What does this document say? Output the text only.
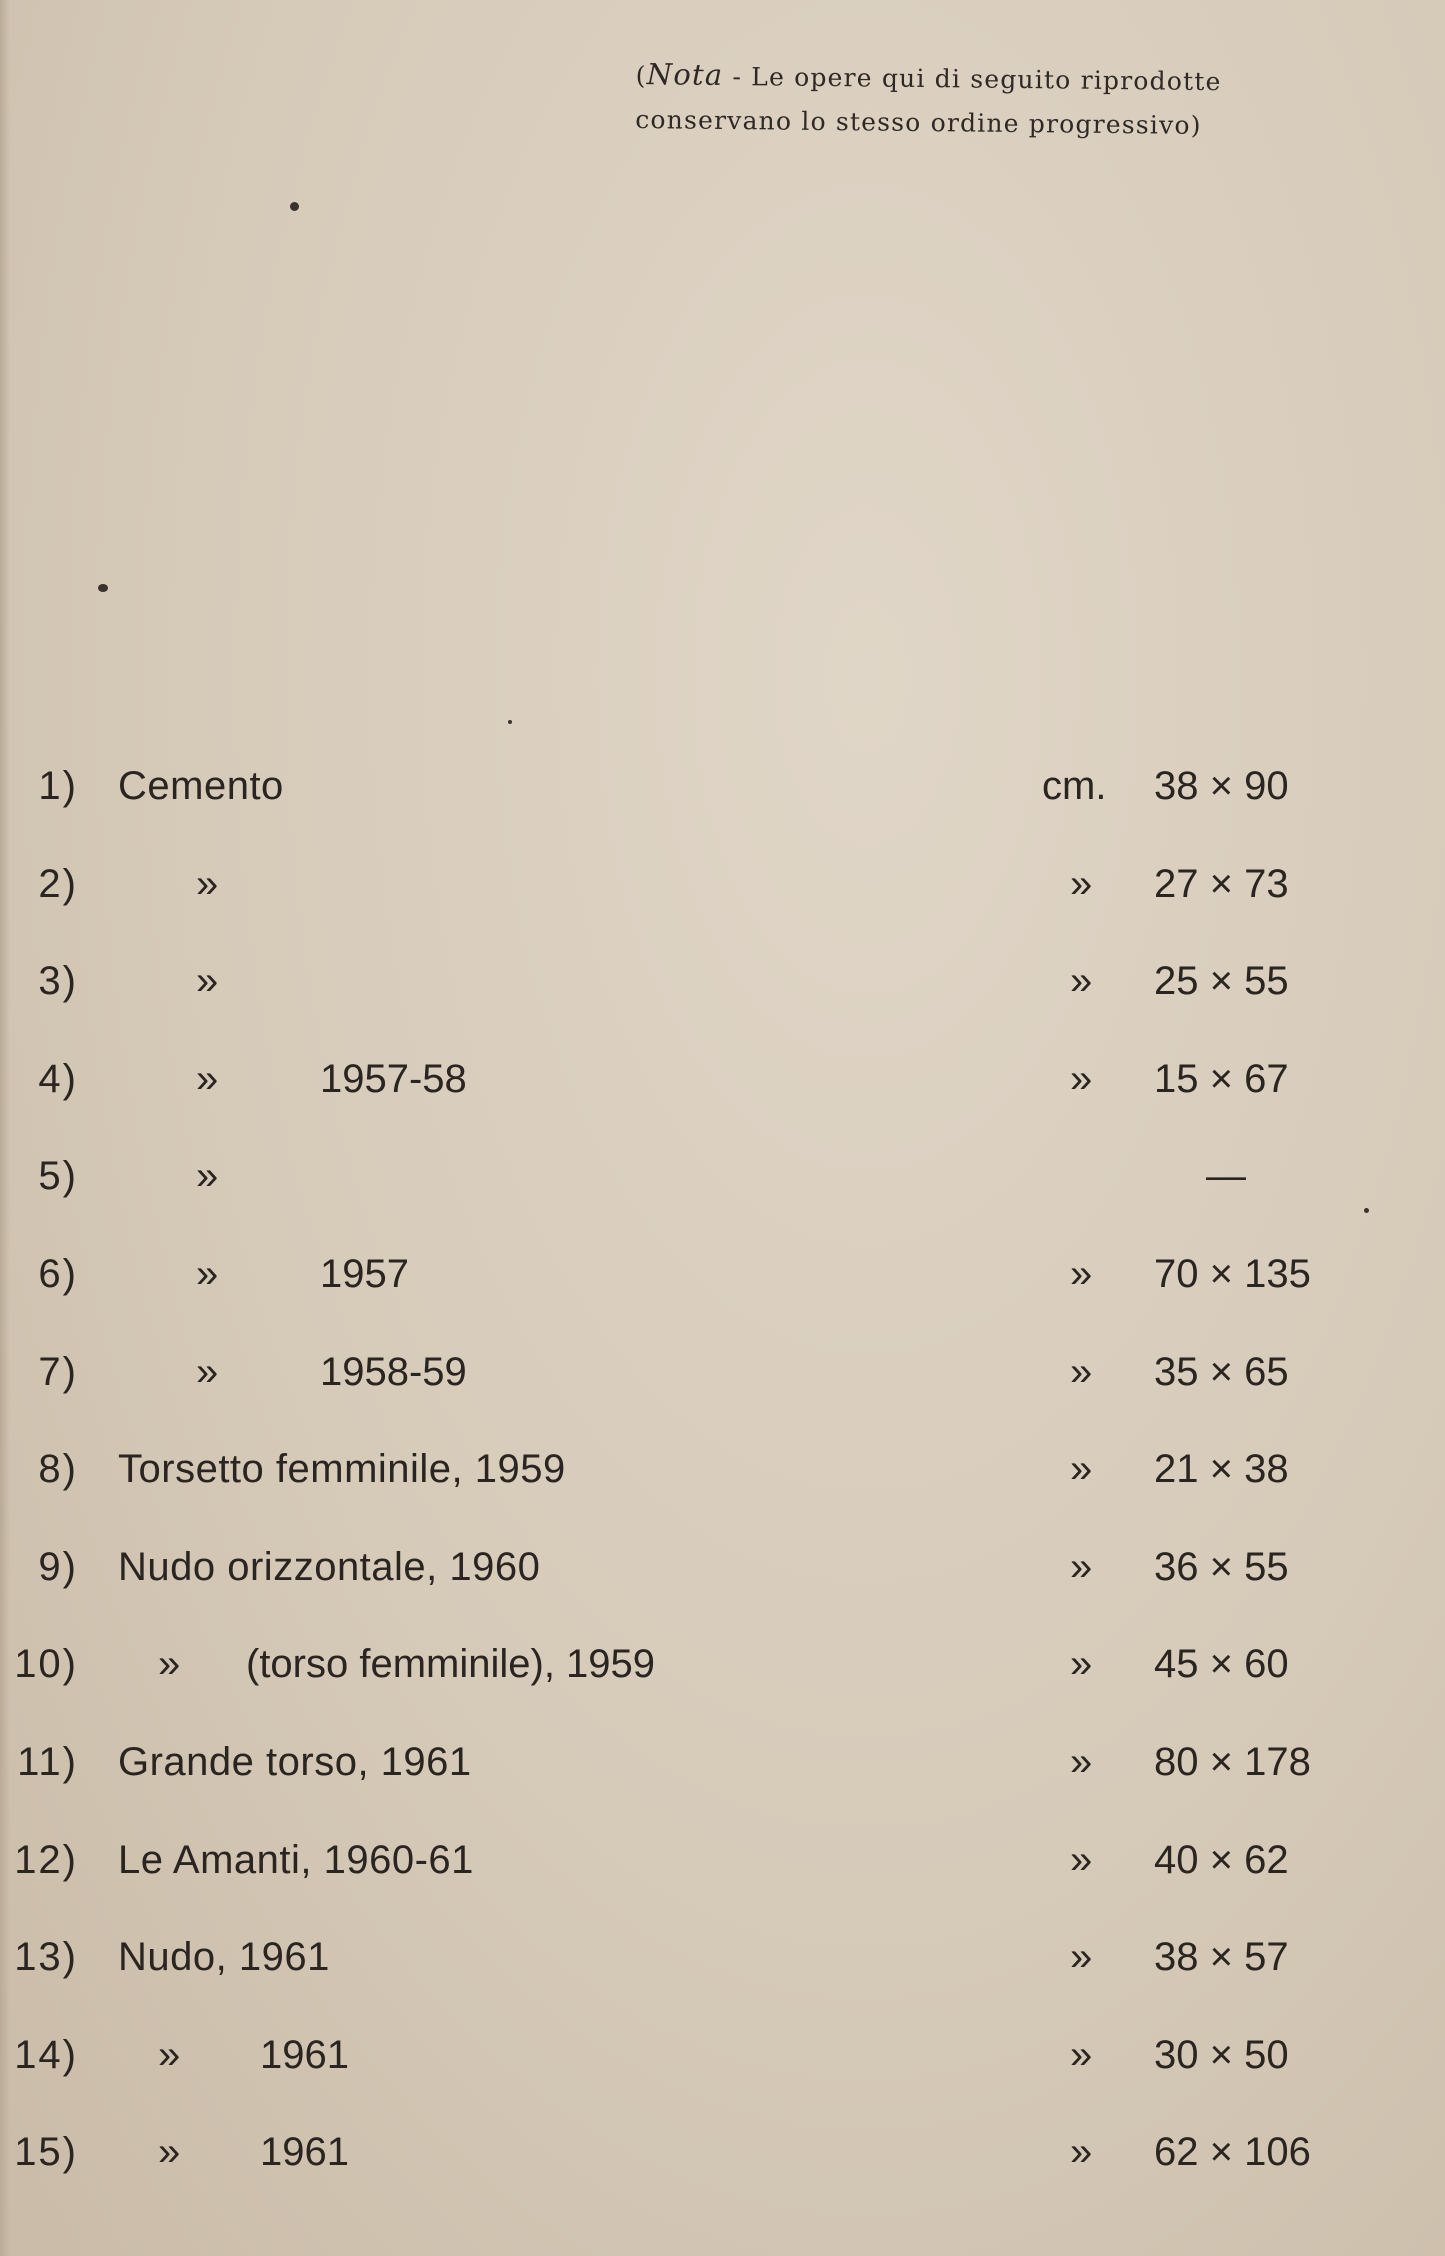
(Nota - Le opere qui di seguito riprodotte
conservano lo stesso ordine progressivo)
1) Cemento	cm. 38 × 90
2)	»	» 27 × 73
3)	»	» 25 × 55
4)	»	1957-58	» 15 × 67
5)	»	—
6)	»	1957	» 70 × 135
7)	»	1958-59	» 35 × 65
8) Torsetto femminile, 1959	» 21 × 38
9) Nudo orizzontale, 1960	» 36 × 55
10) » (torso femminile), 1959	» 45 × 60
11) Grande torso, 1961	» 80 × 178
12) Le Amanti, 1960-61	» 40 × 62
13) Nudo, 1961	» 38 × 57
14) » 1961	» 30 × 50
15) » 1961	» 62 × 106
